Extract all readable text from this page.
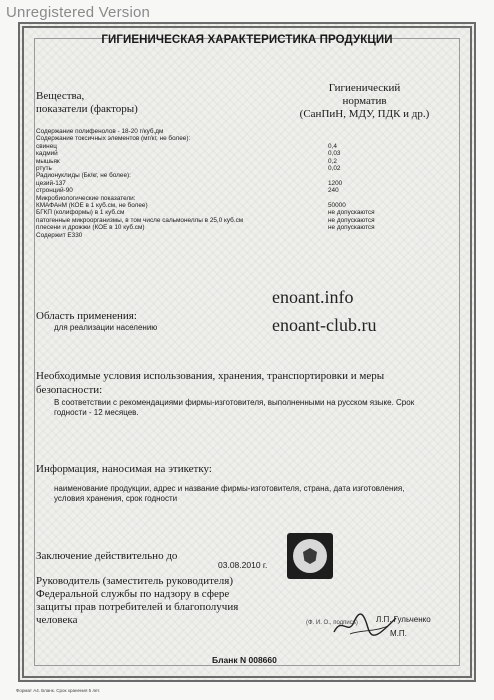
Unregistered Version
ГИГИЕНИЧЕСКАЯ ХАРАКТЕРИСТИКА ПРОДУКЦИИ
Вещества,
показатели (факторы)
Гигиенический
норматив
(СанПиН, МДУ, ПДК и др.)
Содержание полифенолов - 18-20 г/куб.дм
Содержание токсичных элементов (мг/кг, не более):
свинец	0,4
кадмий	0,03
мышьяк	0,2
ртуть	0,02
Радионуклиды (Бк/кг, не более):
цезий-137	1200
стронций-90	240
Микробиологические показатели:
КМАФАнМ (КОЕ в 1 куб.см, не более)	50000
БГКП (колиформы) в 1 куб.см	не допускаются
патогенные микроорганизмы, в том числе сальмонеллы в 25,0 куб.см	не допускаются
плесени и дрожжи (КОЕ в 10 куб.см)	не допускаются
Содержит Е330
enoant.info
enoant-club.ru
Область применения:
для реализации населению
Необходимые условия использования, хранения, транспортировки и меры
безопасности:
В соответствии с рекомендациями фирмы-изготовителя, выполненными на русском языке. Срок
годности - 12 месяцев.
Информация, наносимая на этикетку:
наименование продукции, адрес и название фирмы-изготовителя, страна, дата изготовления,
условия хранения, срок годности
Заключение действительно до
03.08.2010 г.
Руководитель (заместитель руководителя)
Федеральной службы по надзору в сфере
защиты прав потребителей и благополучия
человека	(Ф. И. О., подпись) Л.П. Гульченко
М.П.
Бланк N 008660
Формат А4. Бланк. Срок хранения 5 лет.
